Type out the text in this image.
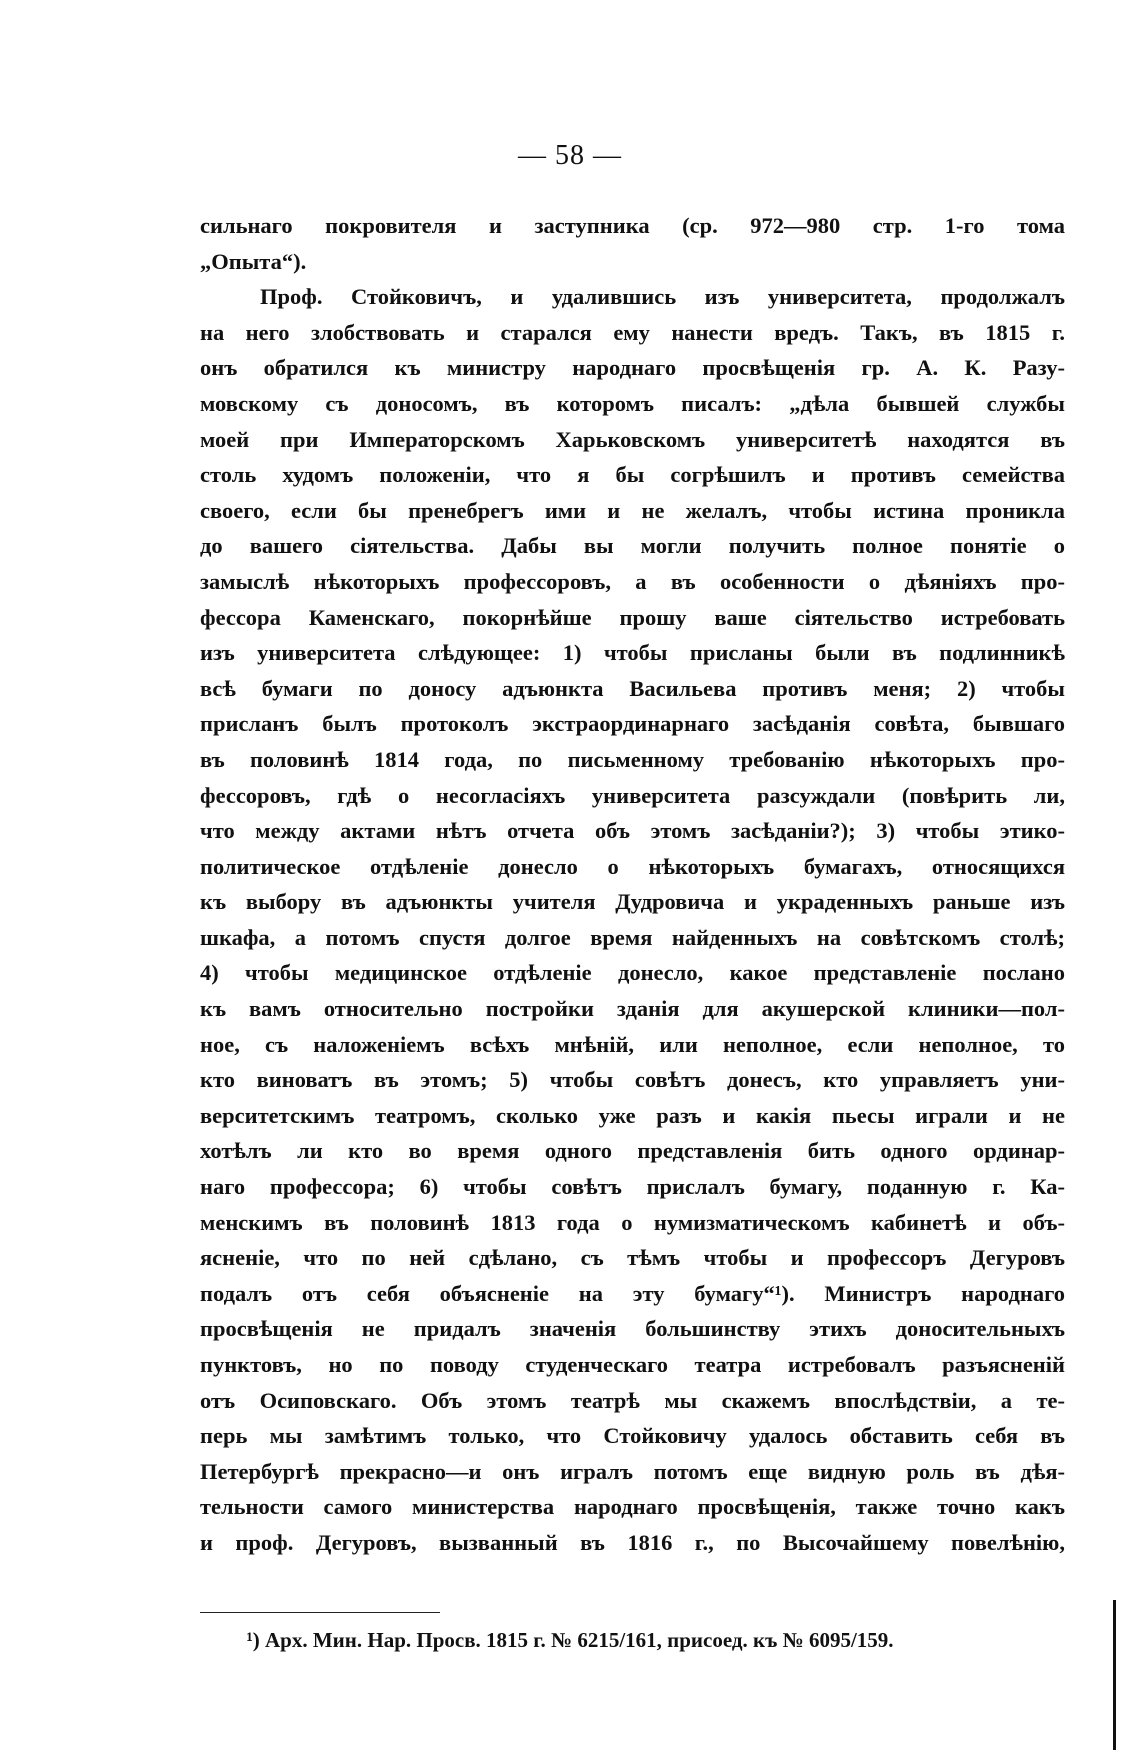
— 58 —
сильнаго покровителя и заступника (ср. 972—980 стр. 1-го тома
„Опыта“).
Проф. Стойковичъ, и удалившись изъ университета, продолжалъ
на него злобствовать и старался ему нанести вредъ. Такъ, въ 1815 г.
онъ обратился къ министру народнаго просвѣщенія гр. А. К. Разу-
мовскому съ доносомъ, въ которомъ писалъ: „дѣла бывшей службы
моей при Императорскомъ Харьковскомъ университетѣ находятся въ
столь худомъ положеніи, что я бы согрѣшилъ и противъ семейства
своего, если бы пренебрегъ ими и не желалъ, чтобы истина проникла
до вашего сіятельства. Дабы вы могли получить полное понятіе о
замыслѣ нѣкоторыхъ профессоровъ, а въ особенности о дѣяніяхъ про-
фессора Каменскаго, покорнѣйше прошу ваше сіятельство истребовать
изъ университета слѣдующее: 1) чтобы присланы были въ подлинникѣ
всѣ бумаги по доносу адъюнкта Васильева противъ меня; 2) чтобы
присланъ былъ протоколъ экстраординарнаго засѣданія совѣта, бывшаго
въ половинѣ 1814 года, по письменному требованію нѣкоторыхъ про-
фессоровъ, гдѣ о несогласіяхъ университета разсуждали (повѣрить ли,
что между актами нѣтъ отчета объ этомъ засѣданіи?); 3) чтобы этико-
политическое отдѣленіе донесло о нѣкоторыхъ бумагахъ, относящихся
къ выбору въ адъюнкты учителя Дудровича и украденныхъ раньше изъ
шкафа, а потомъ спустя долгое время найденныхъ на совѣтскомъ столѣ;
4) чтобы медицинское отдѣленіе донесло, какое представленіе послано
къ вамъ относительно постройки зданія для акушерской клиники—пол-
ное, съ наложеніемъ всѣхъ мнѣній, или неполное, если неполное, то
кто виноватъ въ этомъ; 5) чтобы совѣтъ донесъ, кто управляетъ уни-
верситетскимъ театромъ, сколько уже разъ и какія пьесы играли и не
хотѣлъ ли кто во время одного представленія бить одного ординар-
наго профессора; 6) чтобы совѣтъ прислалъ бумагу, поданную г. Ка-
менскимъ въ половинѣ 1813 года о нумизматическомъ кабинетѣ и объ-
ясненіе, что по ней сдѣлано, съ тѣмъ чтобы и профессоръ Дегуровъ
подалъ отъ себя объясненіе на эту бумагу“¹). Министръ народнаго
просвѣщенія не придалъ значенія большинству этихъ доносительныхъ
пунктовъ, но по поводу студенческаго театра истребовалъ разъясненій
отъ Осиповскаго. Объ этомъ театрѣ мы скажемъ впослѣдствіи, а те-
перь мы замѣтимъ только, что Стойковичу удалось обставить себя въ
Петербургѣ прекрасно—и онъ игралъ потомъ еще видную роль въ дѣя-
тельности самого министерства народнаго просвѣщенія, также точно какъ
и проф. Дегуровъ, вызванный въ 1816 г., по Высочайшему повелѣнію,
¹) Арх. Мин. Нар. Просв. 1815 г. № 6215/161, присоед. къ № 6095/159.
